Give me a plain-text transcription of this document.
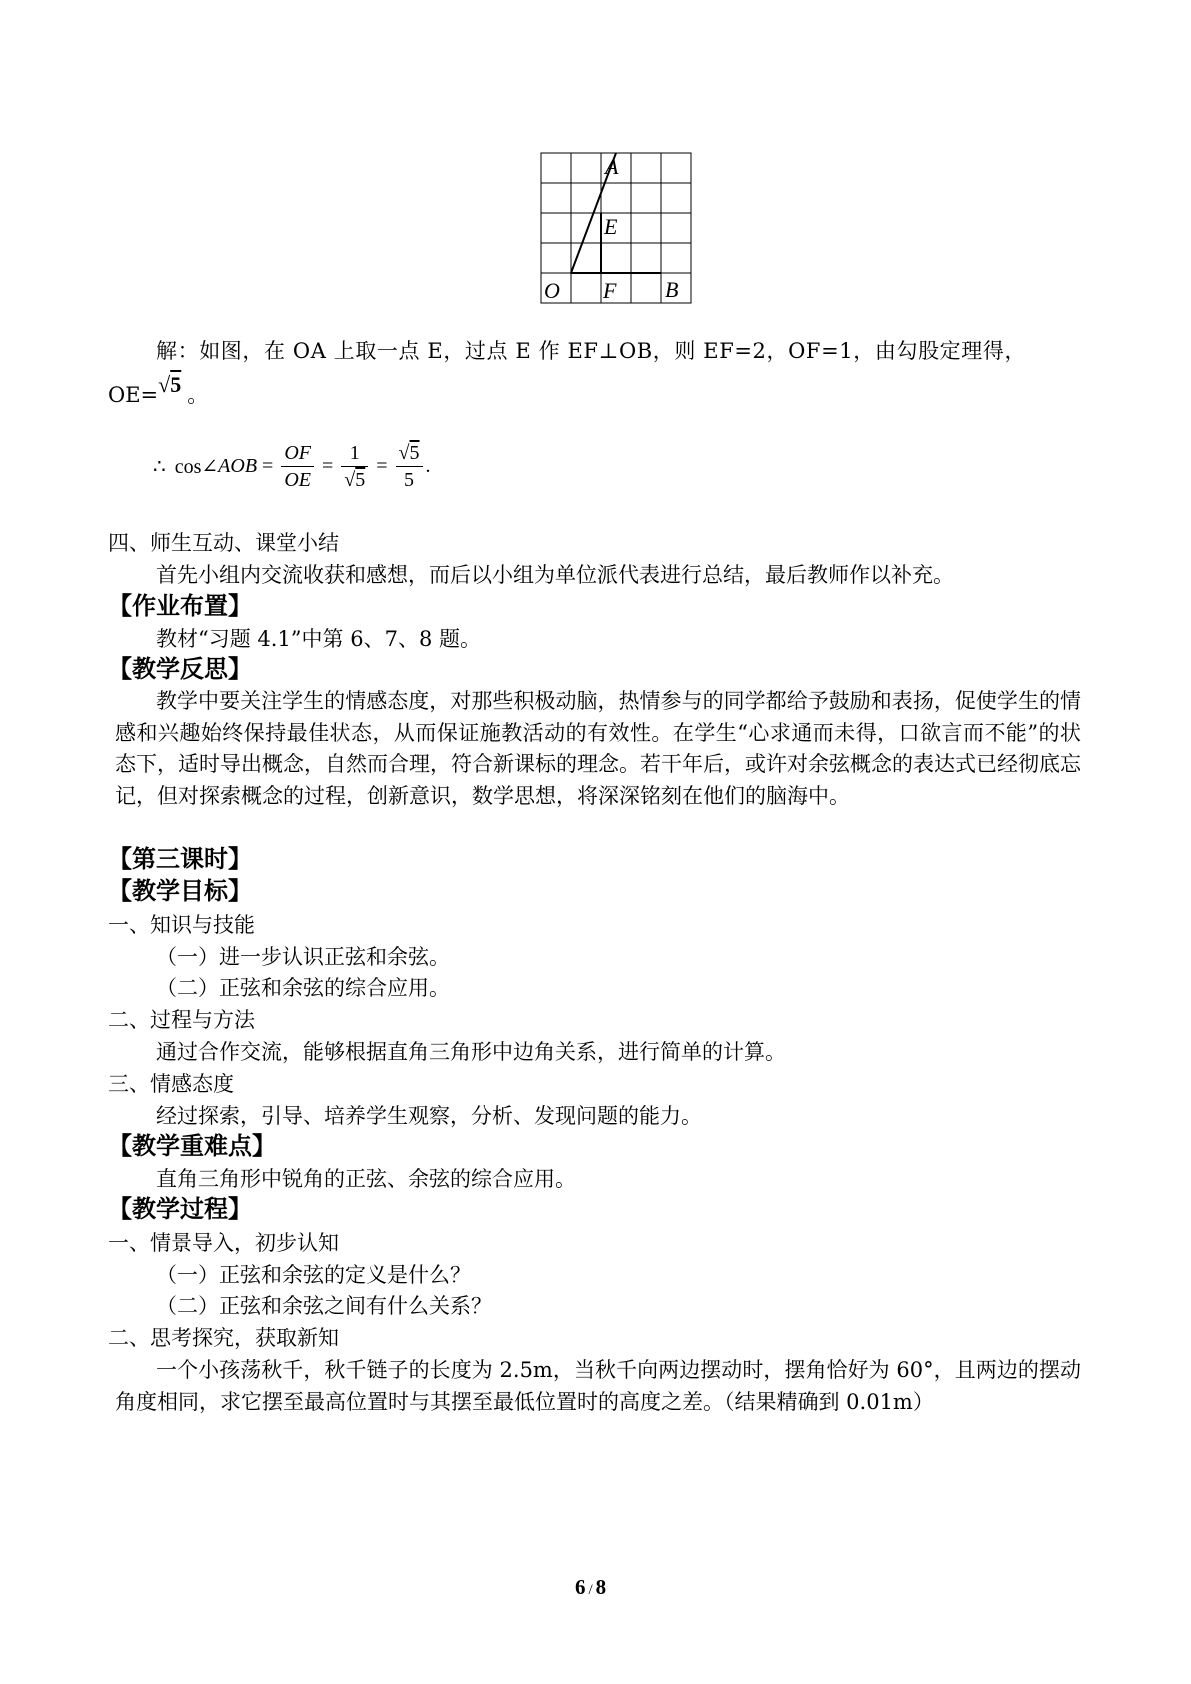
A
E
O F B
解：如图，在 OA 上取一点 E，过点 E 作 EF⊥OB，则 EF=2，OF=1，由勾股定理得，
OE=√5 。
∴ cos∠AOB = $\frac{OF}{OE} = \frac{1}{√5} = \frac{√5}{5}$ .
四、师生互动、课堂小结
首先小组内交流收获和感想，而后以小组为单位派代表进行总结，最后教师作以补充。
【作业布置】
教材“习题 4.1”中第 6、7、8 题。
【教学反思】
教学中要关注学生的情感态度，对那些积极动脑，热情参与的同学都给予鼓励和表扬，促使学生的情感和兴趣始终保持最佳状态，从而保证施教活动的有效性。在学生“心求通而未得，口欲言而不能”的状态下，适时导出概念，自然而合理，符合新课标的理念。若干年后，或许对余弦概念的表达式已经彻底忘记，但对探索概念的过程，创新意识，数学思想，将深深铭刻在他们的脑海中。
【第三课时】
【教学目标】
一、知识与技能
（一）进一步认识正弦和余弦。
（二）正弦和余弦的综合应用。
二、过程与方法
通过合作交流，能够根据直角三角形中边角关系，进行简单的计算。
三、情感态度
经过探索，引导、培养学生观察，分析、发现问题的能力。
【教学重难点】
直角三角形中锐角的正弦、余弦的综合应用。
【教学过程】
一、情景导入，初步认知
（一）正弦和余弦的定义是什么？
（二）正弦和余弦之间有什么关系？
二、思考探究，获取新知
一个小孩荡秋千，秋千链子的长度为 2.5m，当秋千向两边摆动时，摆角恰好为 60°，且两边的摆动角度相同，求它摆至最高位置时与其摆至最低位置时的高度之差。（结果精确到 0.01m）
6 / 8
